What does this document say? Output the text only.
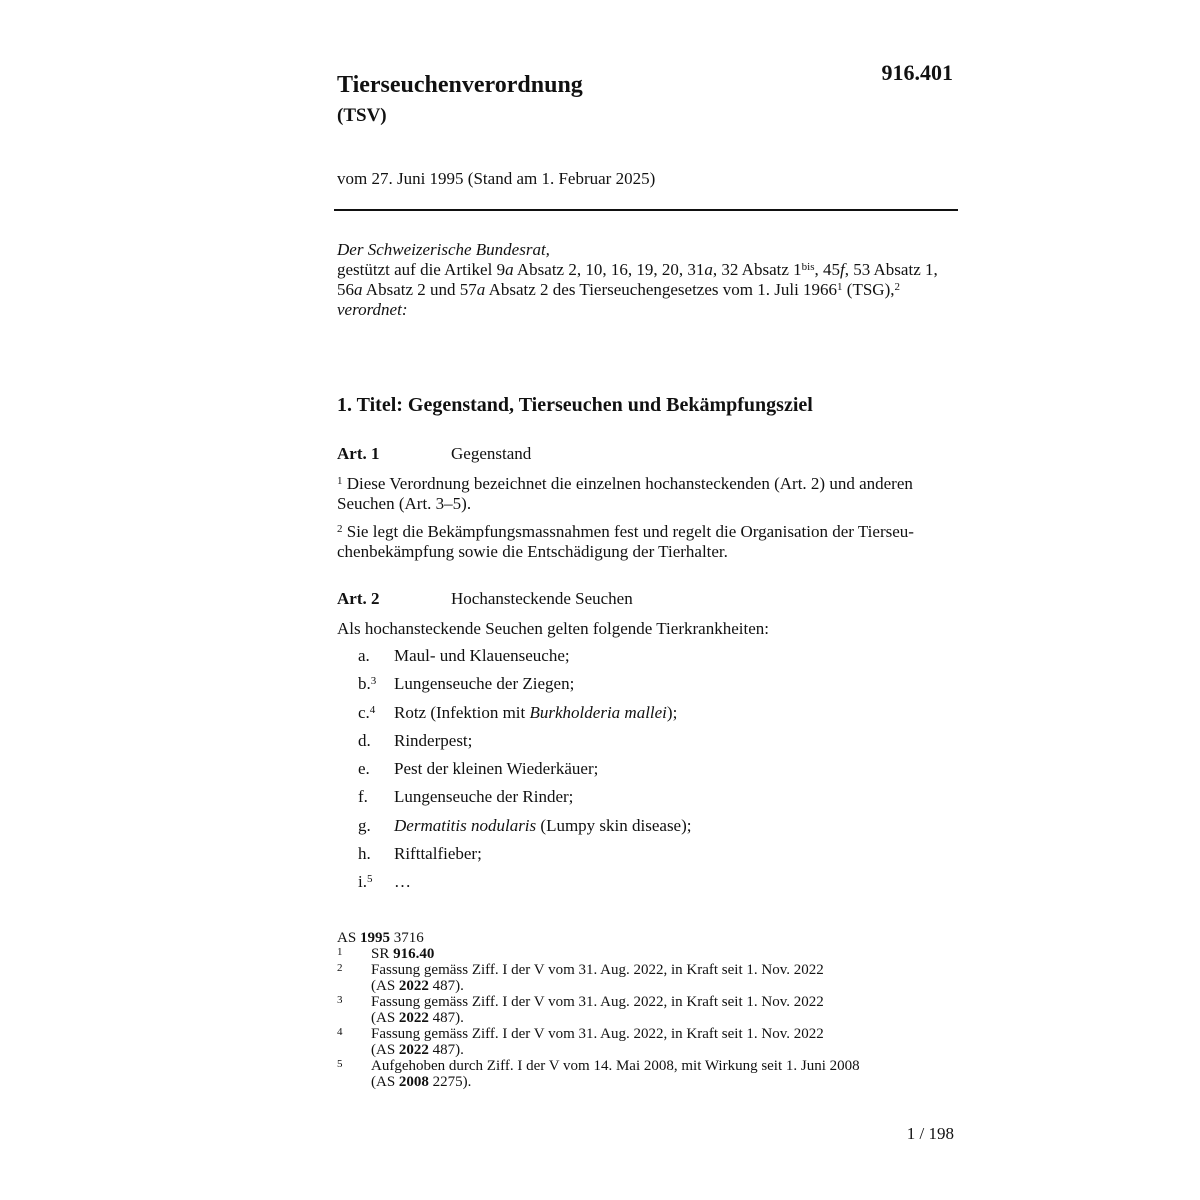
916.401
Tierseuchenverordnung
(TSV)
vom 27. Juni 1995 (Stand am 1. Februar 2025)

Der Schweizerische Bundesrat,

gestützt auf die Artikel 9a Absatz 2, 10, 16, 19, 20, 31a, 32 Absatz $1^{bis}$, 45f, 53 Absatz 1, 56a Absatz 2 und 57a Absatz 2 des Tierseuchengesetzes vom 1. Juli 1966$^1$ (TSG),$^2$

verordnet:

1. Titel: Gegenstand, Tierseuchen und Bekämpfungsziel
Art. 1	Gegenstand
$^1$ Diese Verordnung bezeichnet die einzelnen hochansteckenden (Art. 2) und anderen Seuchen (Art. 3–5).
$^2$ Sie legt die Bekämpfungsmassnahmen fest und regelt die Organisation der Tierseu-chenbekämpfung sowie die Entschädigung der Tierhalter.
Art. 2	Hochansteckende Seuchen
Als hochansteckende Seuchen gelten folgende Tierkrankheiten:
a. Maul- und Klauenseuche;
b.$^3$ Lungenseuche der Ziegen;
c.$^4$ Rotz (Infektion mit Burkholderia mallei);
d. Rinderpest;
e. Pest der kleinen Wiederkäuer;
f. Lungenseuche der Rinder;
g. Dermatitis nodularis (Lumpy skin disease);
h. Rifttalfieber;
i.$^5$ …
AS 1995 3716
1 SR 916.40
2 Fassung gemäss Ziff. I der V vom 31. Aug. 2022, in Kraft seit 1. Nov. 2022
(AS 2022 487).
3 Fassung gemäss Ziff. I der V vom 31. Aug. 2022, in Kraft seit 1. Nov. 2022
(AS 2022 487).
4 Fassung gemäss Ziff. I der V vom 31. Aug. 2022, in Kraft seit 1. Nov. 2022
(AS 2022 487).
5 Aufgehoben durch Ziff. I der V vom 14. Mai 2008, mit Wirkung seit 1. Juni 2008
(AS 2008 2275).
1 / 198
